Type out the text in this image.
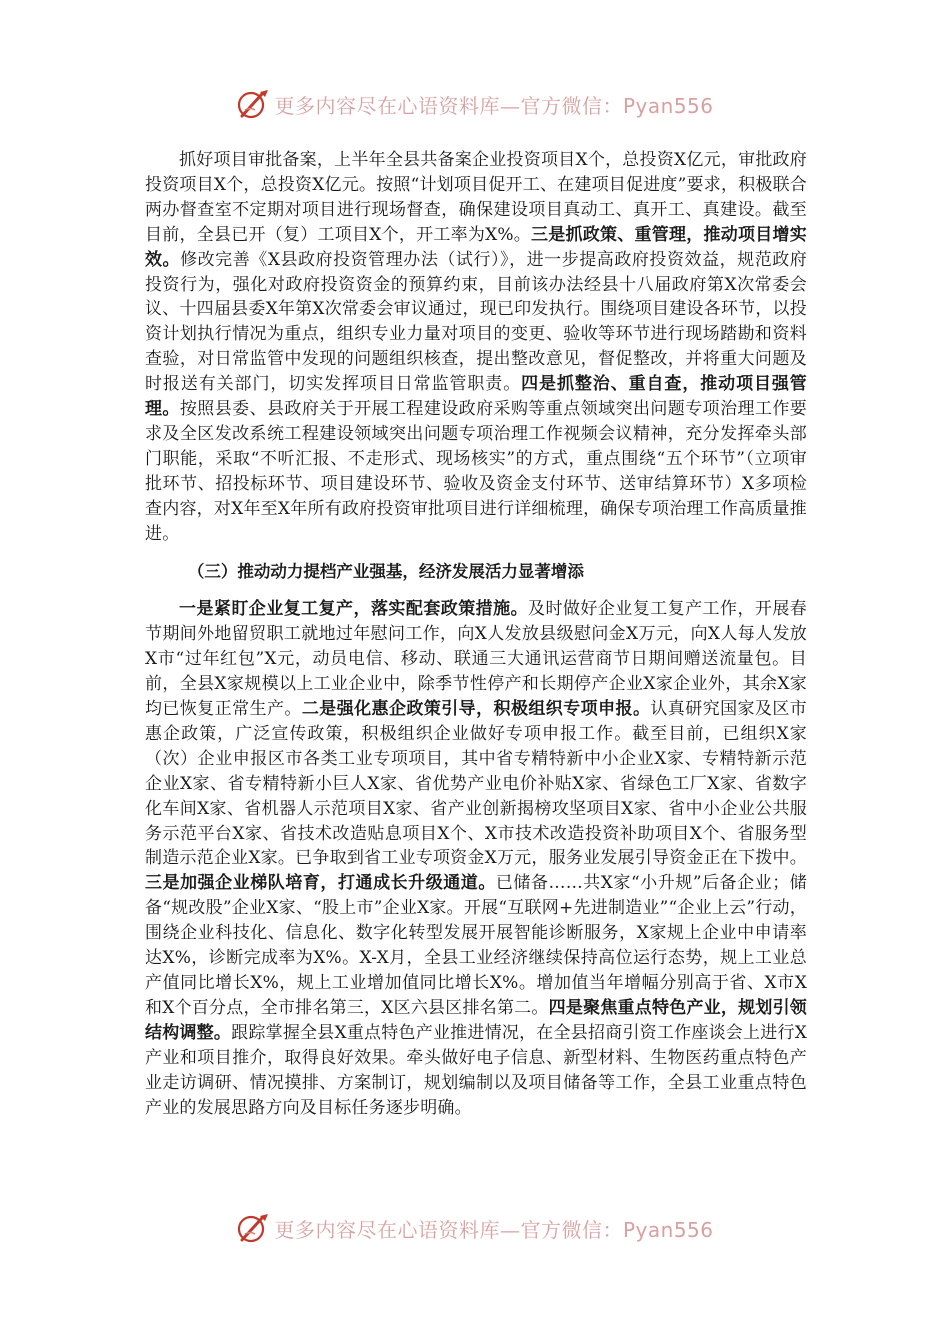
更多内容尽在心语资料库—官方微信：Pyan556

抓好项目审批备案，上半年全县共备案企业投资项目X个，总投资X亿元，审批政府投资项目X个，总投资X亿元。按照“计划项目促开工、在建项目促进度”要求，积极联合两办督查室不定期对项目进行现场督查，确保建设项目真动工、真开工、真建设。截至目前，全县已开（复）工项目X个，开工率为X%。三是抓政策、重管理，推动项目增实效。修改完善《X县政府投资管理办法（试行）》，进一步提高政府投资效益，规范政府投资行为，强化对政府投资资金的预算约束，目前该办法经县十八届政府第X次常委会议、十四届县委X年第X次常委会审议通过，现已印发执行。围绕项目建设各环节，以投资计划执行情况为重点，组织专业力量对项目的变更、验收等环节进行现场踏勘和资料查验，对日常监管中发现的问题组织核查，提出整改意见，督促整改，并将重大问题及时报送有关部门，切实发挥项目日常监管职责。四是抓整治、重自查，推动项目强管理。按照县委、县政府关于开展工程建设政府采购等重点领域突出问题专项治理工作要求及全区发改系统工程建设领域突出问题专项治理工作视频会议精神，充分发挥牵头部门职能，采取“不听汇报、不走形式、现场核实”的方式，重点围绕“五个环节”（立项审批环节、招投标环节、项目建设环节、验收及资金支付环节、送审结算环节）X多项检查内容，对X年至X年所有政府投资审批项目进行详细梳理，确保专项治理工作高质量推进。

（三）推动动力提档产业强基，经济发展活力显著增添

一是紧盯企业复工复产，落实配套政策措施。及时做好企业复工复产工作，开展春节期间外地留贸职工就地过年慰问工作，向X人发放县级慰问金X万元，向X人每人发放X市“过年红包”X元，动员电信、移动、联通三大通讯运营商节日期间赠送流量包。目前，全县X家规模以上工业企业中，除季节性停产和长期停产企业X家企业外，其余X家均已恢复正常生产。二是强化惠企政策引导，积极组织专项申报。认真研究国家及区市惠企政策，广泛宣传政策，积极组织企业做好专项申报工作。截至目前，已组织X家（次）企业申报区市各类工业专项项目，其中省专精特新中小企业X家、专精特新示范企业X家、省专精特新小巨人X家、省优势产业电价补贴X家、省绿色工厂X家、省数字化车间X家、省机器人示范项目X家、省产业创新揭榜攻坚项目X家、省中小企业公共服务示范平台X家、省技术改造贴息项目X个、X市技术改造投资补助项目X个、省服务型制造示范企业X家。已争取到省工业专项资金X万元，服务业发展引导资金正在下拨中。三是加强企业梯队培育，打通成长升级通道。已储备……共X家“小升规”后备企业；储备“规改股”企业X家、“股上市”企业X家。开展“互联网+先进制造业”“企业上云”行动，围绕企业科技化、信息化、数字化转型发展开展智能诊断服务，X家规上企业中申请率达X%，诊断完成率为X%。X-X月，全县工业经济继续保持高位运行态势，规上工业总产值同比增长X%，规上工业增加值同比增长X%。增加值当年增幅分别高于省、X市X和X个百分点，全市排名第三，X区六县区排名第二。四是聚焦重点特色产业，规划引领结构调整。跟踪掌握全县X重点特色产业推进情况，在全县招商引资工作座谈会上进行X产业和项目推介，取得良好效果。牵头做好电子信息、新型材料、生物医药重点特色产业走访调研、情况摸排、方案制订，规划编制以及项目储备等工作，全县工业重点特色产业的发展思路方向及目标任务逐步明确。

更多内容尽在心语资料库—官方微信：Pyan556
